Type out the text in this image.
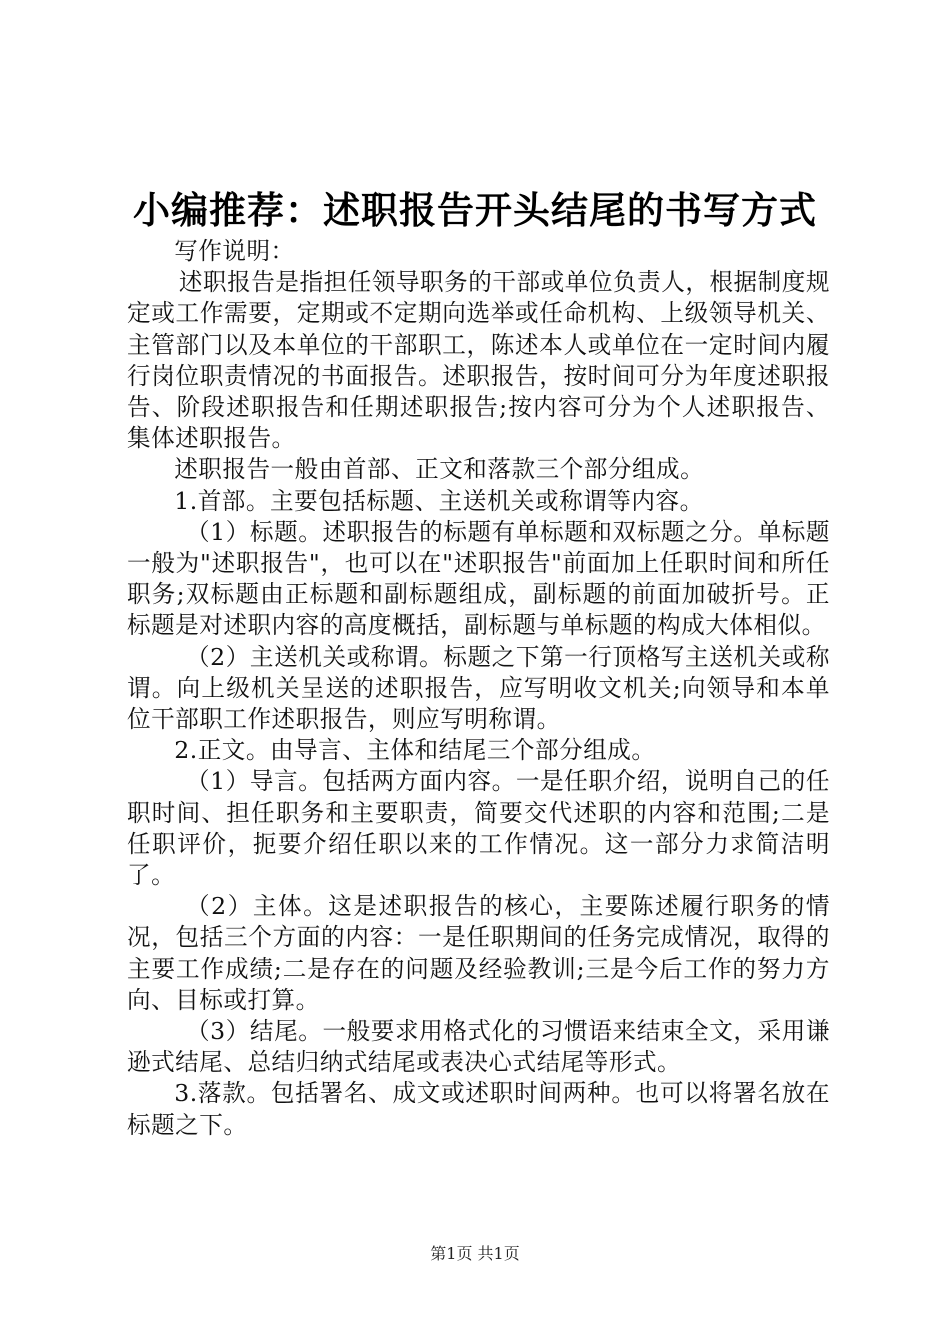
小编推荐：述职报告开头结尾的书写方式

写作说明：

述职报告是指担任领导职务的干部或单位负责人，根据制度规定或工作需要，定期或不定期向选举或任命机构、上级领导机关、主管部门以及本单位的干部职工，陈述本人或单位在一定时间内履行岗位职责情况的书面报告。述职报告，按时间可分为年度述职报告、阶段述职报告和任期述职报告;按内容可分为个人述职报告、集体述职报告。

述职报告一般由首部、正文和落款三个部分组成。

1.首部。主要包括标题、主送机关或称谓等内容。

（1）标题。述职报告的标题有单标题和双标题之分。单标题一般为"述职报告"，也可以在"述职报告"前面加上任职时间和所任职务;双标题由正标题和副标题组成，副标题的前面加破折号。正标题是对述职内容的高度概括，副标题与单标题的构成大体相似。

（2）主送机关或称谓。标题之下第一行顶格写主送机关或称谓。向上级机关呈送的述职报告，应写明收文机关;向领导和本单位干部职工作述职报告，则应写明称谓。

2.正文。由导言、主体和结尾三个部分组成。

（1）导言。包括两方面内容。一是任职介绍，说明自己的任职时间、担任职务和主要职责，简要交代述职的内容和范围;二是任职评价，扼要介绍任职以来的工作情况。这一部分力求简洁明了。

（2）主体。这是述职报告的核心，主要陈述履行职务的情况，包括三个方面的内容：一是任职期间的任务完成情况，取得的主要工作成绩;二是存在的问题及经验教训;三是今后工作的努力方向、目标或打算。

（3）结尾。一般要求用格式化的习惯语来结束全文，采用谦逊式结尾、总结归纳式结尾或表决心式结尾等形式。

3.落款。包括署名、成文或述职时间两种。也可以将署名放在标题之下。

第1页 共1页
